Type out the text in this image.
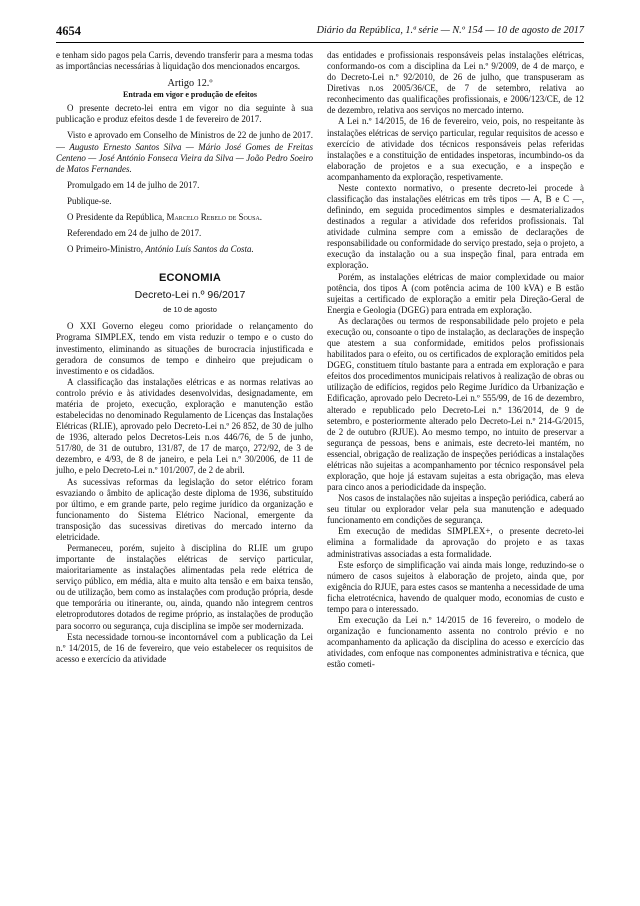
4654	Diário da República, 1.ª série — N.º 154 — 10 de agosto de 2017

e tenham sido pagos pela Carris, devendo transferir para a mesma todas as importâncias necessárias à liquidação dos mencionados encargos.

Artigo 12.º

Entrada em vigor e produção de efeitos

O presente decreto-lei entra em vigor no dia seguinte à sua publicação e produz efeitos desde 1 de fevereiro de 2017.

Visto e aprovado em Conselho de Ministros de 22 de junho de 2017. — Augusto Ernesto Santos Silva — Mário José Gomes de Freitas Centeno — José António Fonseca Vieira da Silva — João Pedro Soeiro de Matos Fernandes.

Promulgado em 14 de julho de 2017.

Publique-se.

O Presidente da República, Marcelo Rebelo de Sousa.

Referendado em 24 de julho de 2017.

O Primeiro-Ministro, António Luís Santos da Costa.

ECONOMIA

Decreto-Lei n.º 96/2017

de 10 de agosto

O XXI Governo elegeu como prioridade o relançamento do Programa SIMPLEX, tendo em vista reduzir o tempo e o custo do investimento, eliminando as situações de burocracia injustificada e geradora de consumos de tempo e dinheiro que prejudicam o investimento e os cidadãos.

A classificação das instalações elétricas e as normas relativas ao controlo prévio e às atividades desenvolvidas, designadamente, em matéria de projeto, execução, exploração e manutenção estão estabelecidas no denominado Regulamento de Licenças das Instalações Elétricas (RLIE), aprovado pelo Decreto-Lei n.º 26 852, de 30 de julho de 1936, alterado pelos Decretos-Leis n.os 446/76, de 5 de junho, 517/80, de 31 de outubro, 131/87, de 17 de março, 272/92, de 3 de dezembro, e 4/93, de 8 de janeiro, e pela Lei n.º 30/2006, de 11 de julho, e pelo Decreto-Lei n.º 101/2007, de 2 de abril.

As sucessivas reformas da legislação do setor elétrico foram esvaziando o âmbito de aplicação deste diploma de 1936, substituído por último, e em grande parte, pelo regime jurídico da organização e funcionamento do Sistema Elétrico Nacional, emergente da transposição das sucessivas diretivas do mercado interno da eletricidade.

Permaneceu, porém, sujeito à disciplina do RLIE um grupo importante de instalações elétricas de serviço particular, maioritariamente as instalações alimentadas pela rede elétrica de serviço público, em média, alta e muito alta tensão e em baixa tensão, ou de utilização, bem como as instalações com produção própria, desde que temporária ou itinerante, ou, ainda, quando não integrem centros eletroprodutores dotados de regime próprio, as instalações de produção para socorro ou segurança, cuja disciplina se impõe ser modernizada.

Esta necessidade tornou-se incontornável com a publicação da Lei n.º 14/2015, de 16 de fevereiro, que veio estabelecer os requisitos de acesso e exercício da atividade

das entidades e profissionais responsáveis pelas instalações elétricas, conformando-os com a disciplina da Lei n.º 9/2009, de 4 de março, e do Decreto-Lei n.º 92/2010, de 26 de julho, que transpuseram as Diretivas n.os 2005/36/CE, de 7 de setembro, relativa ao reconhecimento das qualificações profissionais, e 2006/123/CE, de 12 de dezembro, relativa aos serviços no mercado interno.

A Lei n.º 14/2015, de 16 de fevereiro, veio, pois, no respeitante às instalações elétricas de serviço particular, regular requisitos de acesso e exercício de atividade dos técnicos responsáveis pelas referidas instalações e a constituição de entidades inspetoras, incumbindo-os da elaboração de projetos e a sua execução, e a inspeção e acompanhamento da exploração, respetivamente.

Neste contexto normativo, o presente decreto-lei procede à classificação das instalações elétricas em três tipos — A, B e C —, definindo, em seguida procedimentos simples e desmaterializados destinados a regular a atividade dos referidos profissionais. Tal atividade culmina sempre com a emissão de declarações de responsabilidade ou conformidade do serviço prestado, seja o projeto, a execução da instalação ou a sua inspeção final, para entrada em exploração.

Porém, as instalações elétricas de maior complexidade ou maior potência, dos tipos A (com potência acima de 100 kVA) e B estão sujeitas a certificado de exploração a emitir pela Direção-Geral de Energia e Geologia (DGEG) para entrada em exploração.

As declarações ou termos de responsabilidade pelo projeto e pela execução ou, consoante o tipo de instalação, as declarações de inspeção que atestem a sua conformidade, emitidos pelos profissionais habilitados para o efeito, ou os certificados de exploração emitidos pela DGEG, constituem título bastante para a entrada em exploração e para efeitos dos procedimentos municipais relativos à realização de obras ou utilização de edifícios, regidos pelo Regime Jurídico da Urbanização e Edificação, aprovado pelo Decreto-Lei n.º 555/99, de 16 de dezembro, alterado e republicado pelo Decreto-Lei n.º 136/2014, de 9 de setembro, e posteriormente alterado pelo Decreto-Lei n.º 214-G/2015, de 2 de outubro (RJUE). Ao mesmo tempo, no intuito de preservar a segurança de pessoas, bens e animais, este decreto-lei mantém, no essencial, obrigação de realização de inspeções periódicas a instalações elétricas não sujeitas a acompanhamento por técnico responsável pela exploração, que hoje já estavam sujeitas a esta obrigação, mas eleva para cinco anos a periodicidade da inspeção.

Nos casos de instalações não sujeitas a inspeção periódica, caberá ao seu titular ou explorador velar pela sua manutenção e adequado funcionamento em condições de segurança.

Em execução de medidas SIMPLEX+, o presente decreto-lei elimina a formalidade da aprovação do projeto e as taxas administrativas associadas a esta formalidade.

Este esforço de simplificação vai ainda mais longe, reduzindo-se o número de casos sujeitos à elaboração de projeto, ainda que, por exigência do RJUE, para estes casos se mantenha a necessidade de uma ficha eletrotécnica, havendo de qualquer modo, economias de custo e tempo para o interessado.

Em execução da Lei n.º 14/2015 de 16 fevereiro, o modelo de organização e funcionamento assenta no controlo prévio e no acompanhamento da aplicação da disciplina do acesso e exercício das atividades, com enfoque nas componentes administrativa e técnica, que estão cometi-
